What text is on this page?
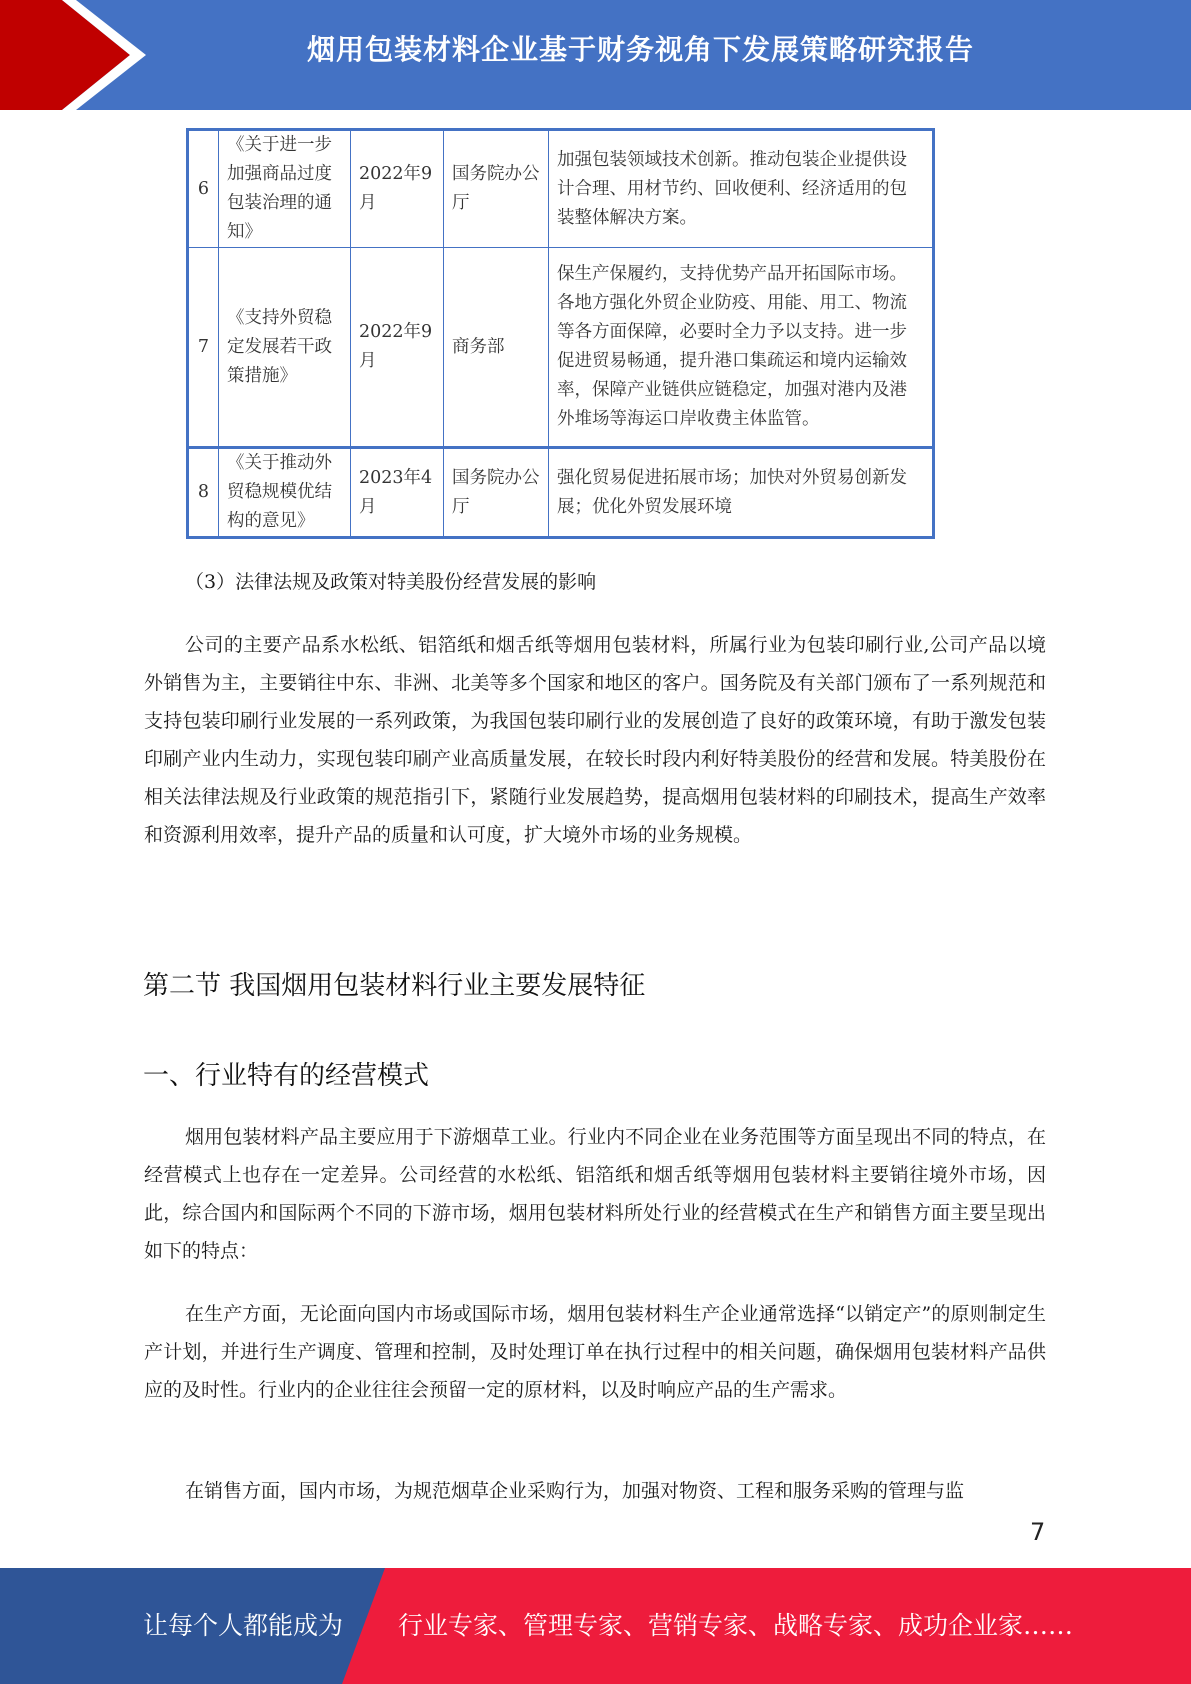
烟用包装材料企业基于财务视角下发展策略研究报告
6	《关于进一步加强商品过度包装治理的通知》	2022年9月	国务院办公厅	加强包装领域技术创新。推动包装企业提供设计合理、用材节约、回收便利、经济适用的包装整体解决方案。
7	《支持外贸稳定发展若干政策措施》	2022年9月	商务部	保生产保履约，支持优势产品开拓国际市场。各地方强化外贸企业防疫、用能、用工、物流等各方面保障，必要时全力予以支持。进一步促进贸易畅通，提升港口集疏运和境内运输效率，保障产业链供应链稳定，加强对港内及港外堆场等海运口岸收费主体监管。
8	《关于推动外贸稳规模优结构的意见》	2023年4月	国务院办公厅	强化贸易促进拓展市场；加快对外贸易创新发展；优化外贸发展环境
（3）法律法规及政策对特美股份经营发展的影响

公司的主要产品系水松纸、铝箔纸和烟舌纸等烟用包装材料，所属行业为包装印刷行业,公司产品以境外销售为主，主要销往中东、非洲、北美等多个国家和地区的客户。国务院及有关部门颁布了一系列规范和支持包装印刷行业发展的一系列政策，为我国包装印刷行业的发展创造了良好的政策环境，有助于激发包装印刷产业内生动力，实现包装印刷产业高质量发展，在较长时段内利好特美股份的经营和发展。特美股份在相关法律法规及行业政策的规范指引下，紧随行业发展趋势，提高烟用包装材料的印刷技术，提高生产效率和资源利用效率，提升产品的质量和认可度，扩大境外市场的业务规模。

第二节 我国烟用包装材料行业主要发展特征
一、行业特有的经营模式

烟用包装材料产品主要应用于下游烟草工业。行业内不同企业在业务范围等方面呈现出不同的特点，在经营模式上也存在一定差异。公司经营的水松纸、铝箔纸和烟舌纸等烟用包装材料主要销往境外市场，因此，综合国内和国际两个不同的下游市场，烟用包装材料所处行业的经营模式在生产和销售方面主要呈现出如下的特点：

在生产方面，无论面向国内市场或国际市场，烟用包装材料生产企业通常选择“以销定产”的原则制定生产计划，并进行生产调度、管理和控制，及时处理订单在执行过程中的相关问题，确保烟用包装材料产品供应的及时性。行业内的企业往往会预留一定的原材料，以及时响应产品的生产需求。

在销售方面，国内市场，为规范烟草企业采购行为，加强对物资、工程和服务采购的管理与监

7
让每个人都能成为 行业专家、管理专家、营销专家、战略专家、成功企业家……
